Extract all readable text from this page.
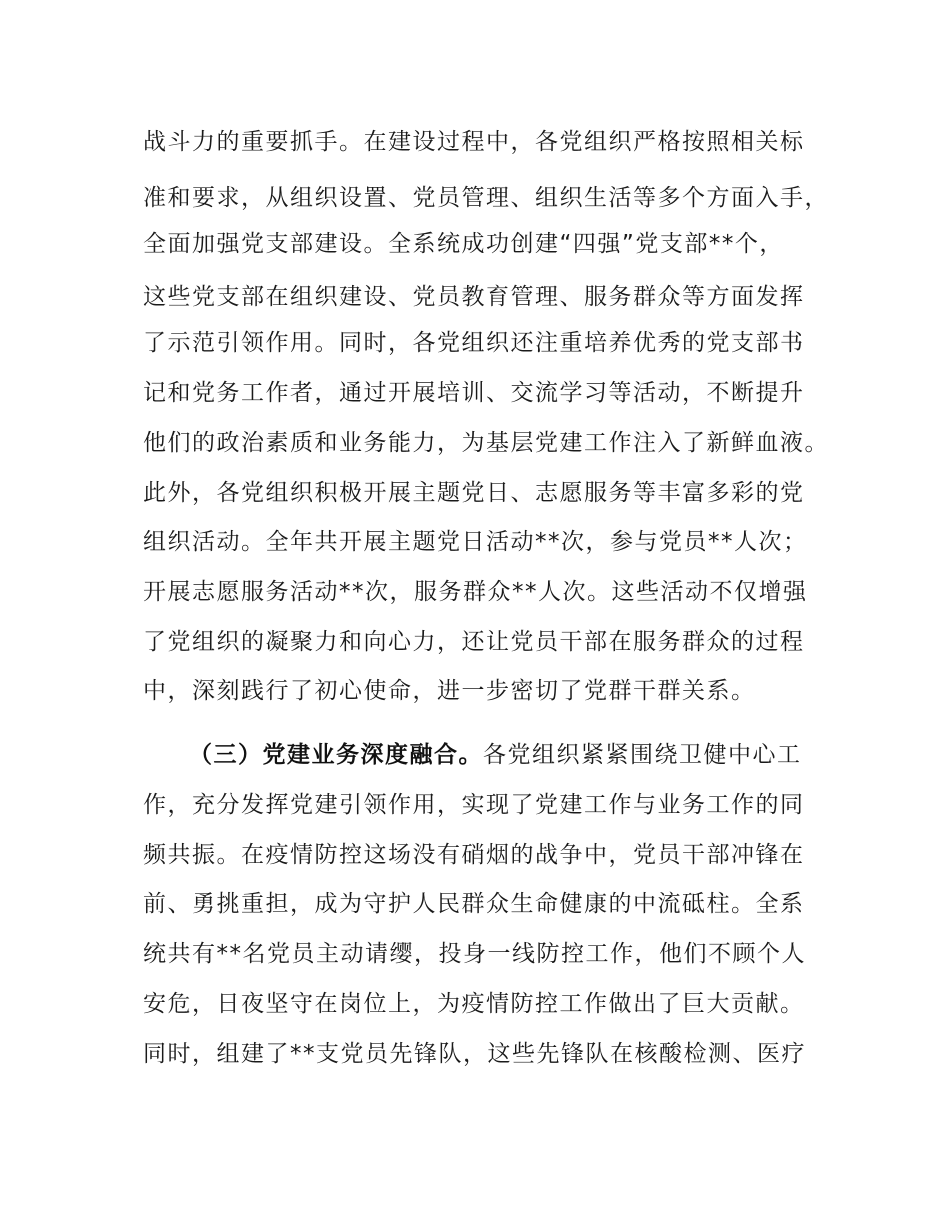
战斗力的重要抓手。在建设过程中，各党组织严格按照相关标
准和要求，从组织设置、党员管理、组织生活等多个方面入手，
全面加强党支部建设。全系统成功创建“四强”党支部**个，
这些党支部在组织建设、党员教育管理、服务群众等方面发挥
了示范引领作用。同时，各党组织还注重培养优秀的党支部书
记和党务工作者，通过开展培训、交流学习等活动，不断提升
他们的政治素质和业务能力，为基层党建工作注入了新鲜血液。
此外，各党组织积极开展主题党日、志愿服务等丰富多彩的党
组织活动。全年共开展主题党日活动**次，参与党员**人次；
开展志愿服务活动**次，服务群众**人次。这些活动不仅增强
了党组织的凝聚力和向心力，还让党员干部在服务群众的过程
中，深刻践行了初心使命，进一步密切了党群干群关系。
（三）党建业务深度融合。各党组织紧紧围绕卫健中心工
作，充分发挥党建引领作用，实现了党建工作与业务工作的同
频共振。在疫情防控这场没有硝烟的战争中，党员干部冲锋在
前、勇挑重担，成为守护人民群众生命健康的中流砥柱。全系
统共有**名党员主动请缨，投身一线防控工作，他们不顾个人
安危，日夜坚守在岗位上，为疫情防控工作做出了巨大贡献。
同时，组建了**支党员先锋队，这些先锋队在核酸检测、医疗
